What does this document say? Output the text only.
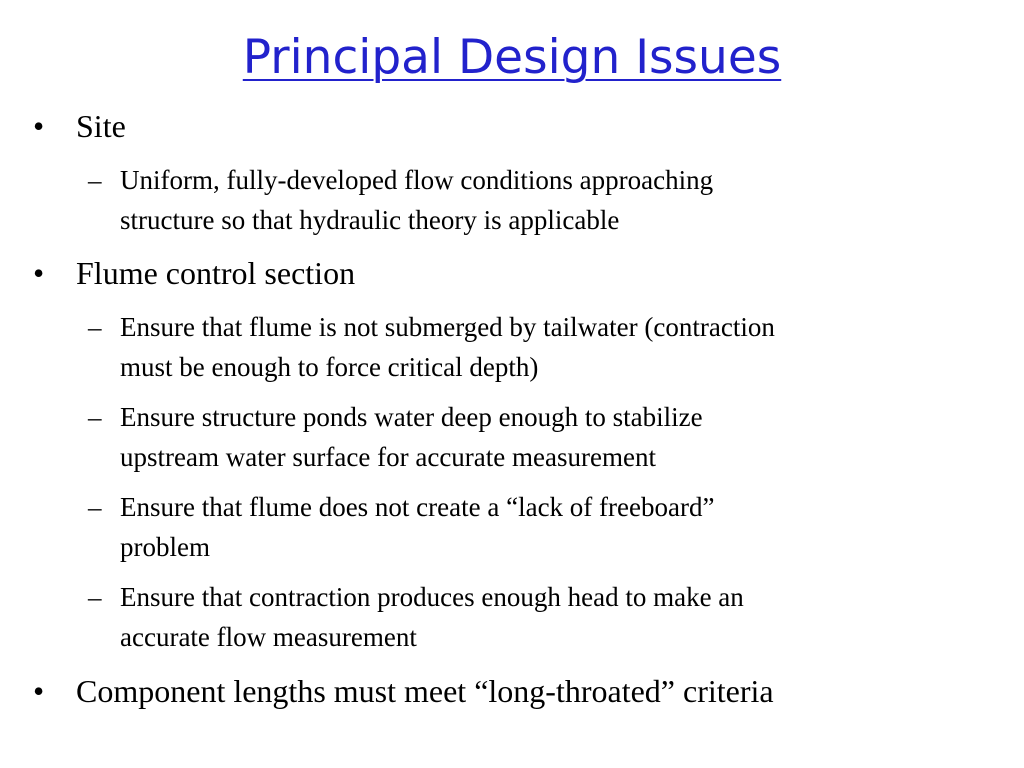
Principal Design Issues
• Site
– Uniform, fully-developed flow conditions approaching
structure so that hydraulic theory is applicable
• Flume control section
– Ensure that flume is not submerged by tailwater (contraction
must be enough to force critical depth)
– Ensure structure ponds water deep enough to stabilize
upstream water surface for accurate measurement
– Ensure that flume does not create a “lack of freeboard”
problem
– Ensure that contraction produces enough head to make an
accurate flow measurement
• Component lengths must meet “long-throated” criteria
